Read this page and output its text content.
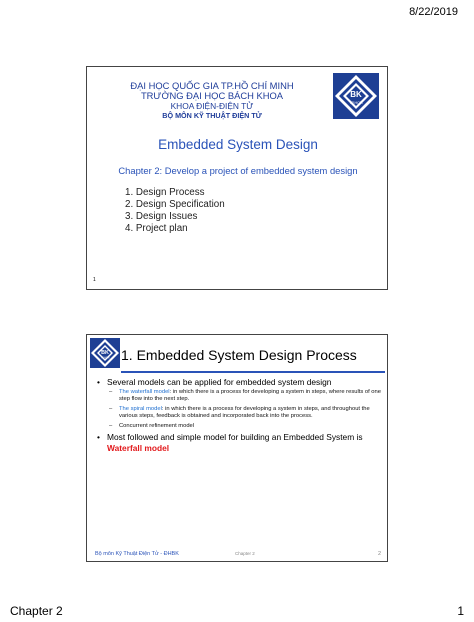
8/22/2019
ĐẠI HỌC QUỐC GIA TP.HỒ CHÍ MINH
TRƯỜNG ĐẠI HỌC BÁCH KHOA
KHOA ĐIỆN-ĐIỆN TỬ
BỘ MÔN KỸ THUẬT ĐIỆN TỬ
BK
TP.HCM
Embedded System Design
Chapter 2: Develop a project of embedded system design
1. Design Process
2. Design Specification
3. Design Issues
4. Project plan
1
BK
TP.HCM 1. Embedded System Design Process
• Several models can be applied for embedded system design
– The waterfall model: in which there is a process for developing a system in steps, where results of one step flow into the next step.
– The spiral model: in which there is a process for developing a system in steps, and throughout the various steps, feedback is obtained and incorporated back into the process.
– Concurrent refinement model
• Most followed and simple model for building an Embedded System is Waterfall model
Bộ môn Kỹ Thuật Điện Tử - ĐHBK	Chapter 2	2
Chapter 2	1
